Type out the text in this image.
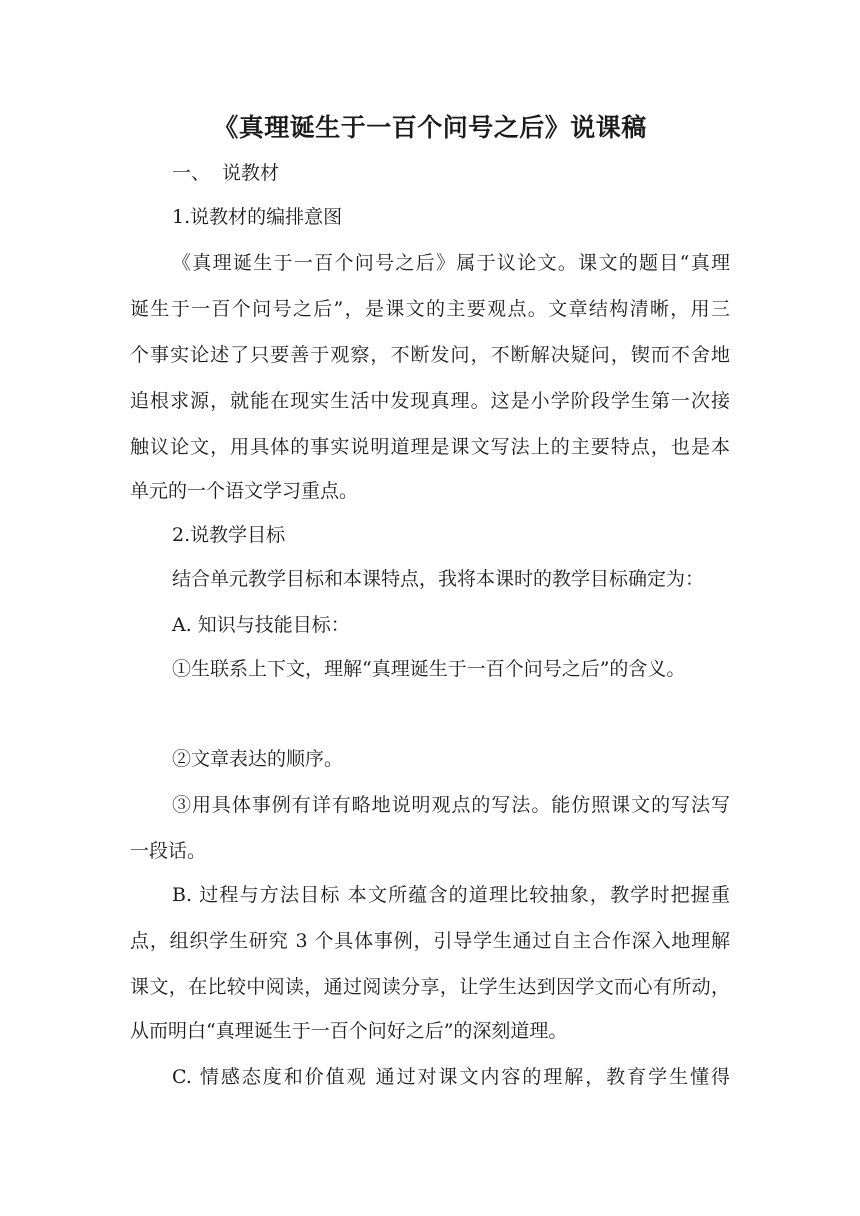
《真理诞生于一百个问号之后》说课稿
一、 说教材
1.说教材的编排意图
《真理诞生于一百个问号之后》属于议论文。课文的题目“真理
诞生于一百个问号之后”，是课文的主要观点。文章结构清晰，用三
个事实论述了只要善于观察，不断发问，不断解决疑问，锲而不舍地
追根求源，就能在现实生活中发现真理。这是小学阶段学生第一次接
触议论文，用具体的事实说明道理是课文写法上的主要特点，也是本
单元的一个语文学习重点。
2.说教学目标
结合单元教学目标和本课特点，我将本课时的教学目标确定为：
A. 知识与技能目标：
①生联系上下文，理解“真理诞生于一百个问号之后”的含义。
②文章表达的顺序。
③用具体事例有详有略地说明观点的写法。能仿照课文的写法写
一段话。
B. 过程与方法目标 本文所蕴含的道理比较抽象，教学时把握重
点，组织学生研究 3 个具体事例，引导学生通过自主合作深入地理解
课文，在比较中阅读，通过阅读分享，让学生达到因学文而心有所动，
从而明白“真理诞生于一百个问好之后”的深刻道理。
C. 情感态度和价值观 通过对课文内容的理解，教育学生懂得
